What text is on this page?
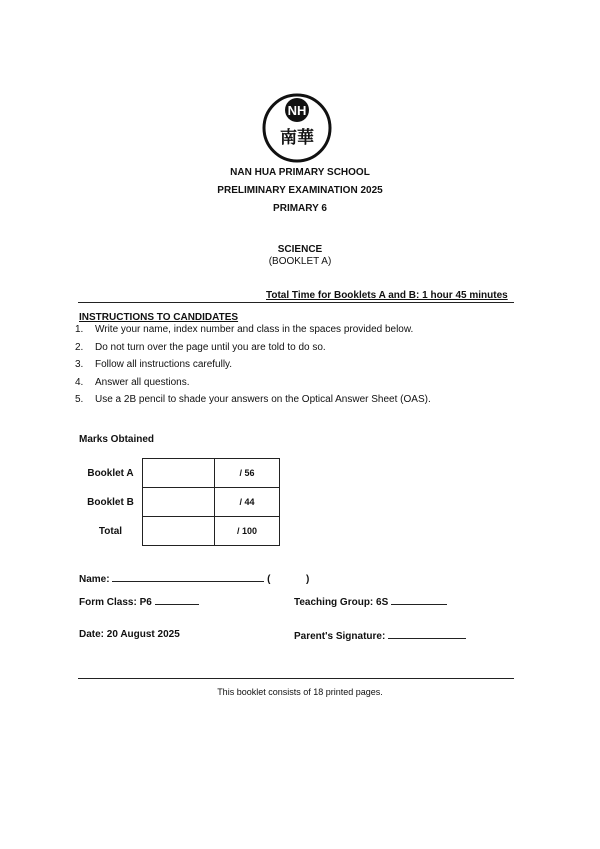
NH
南華
NAN HUA PRIMARY SCHOOL
PRELIMINARY EXAMINATION 2025
PRIMARY 6
SCIENCE
(BOOKLET A)
Total Time for Booklets A and B: 1 hour 45 minutes
INSTRUCTIONS TO CANDIDATES
1. Write your name, index number and class in the spaces provided below.
2. Do not turn over the page until you are told to do so.
3. Follow all instructions carefully.
4. Answer all questions.
5. Use a 2B pencil to shade your answers on the Optical Answer Sheet (OAS).
Marks Obtained
Booklet A		/ 56
Booklet B		/ 44
Total		/ 100
Name:	(	)
Form Class: P6	Teaching Group: 6S
Date: 20 August 2025	Parent's Signature:
This booklet consists of 18 printed pages.
